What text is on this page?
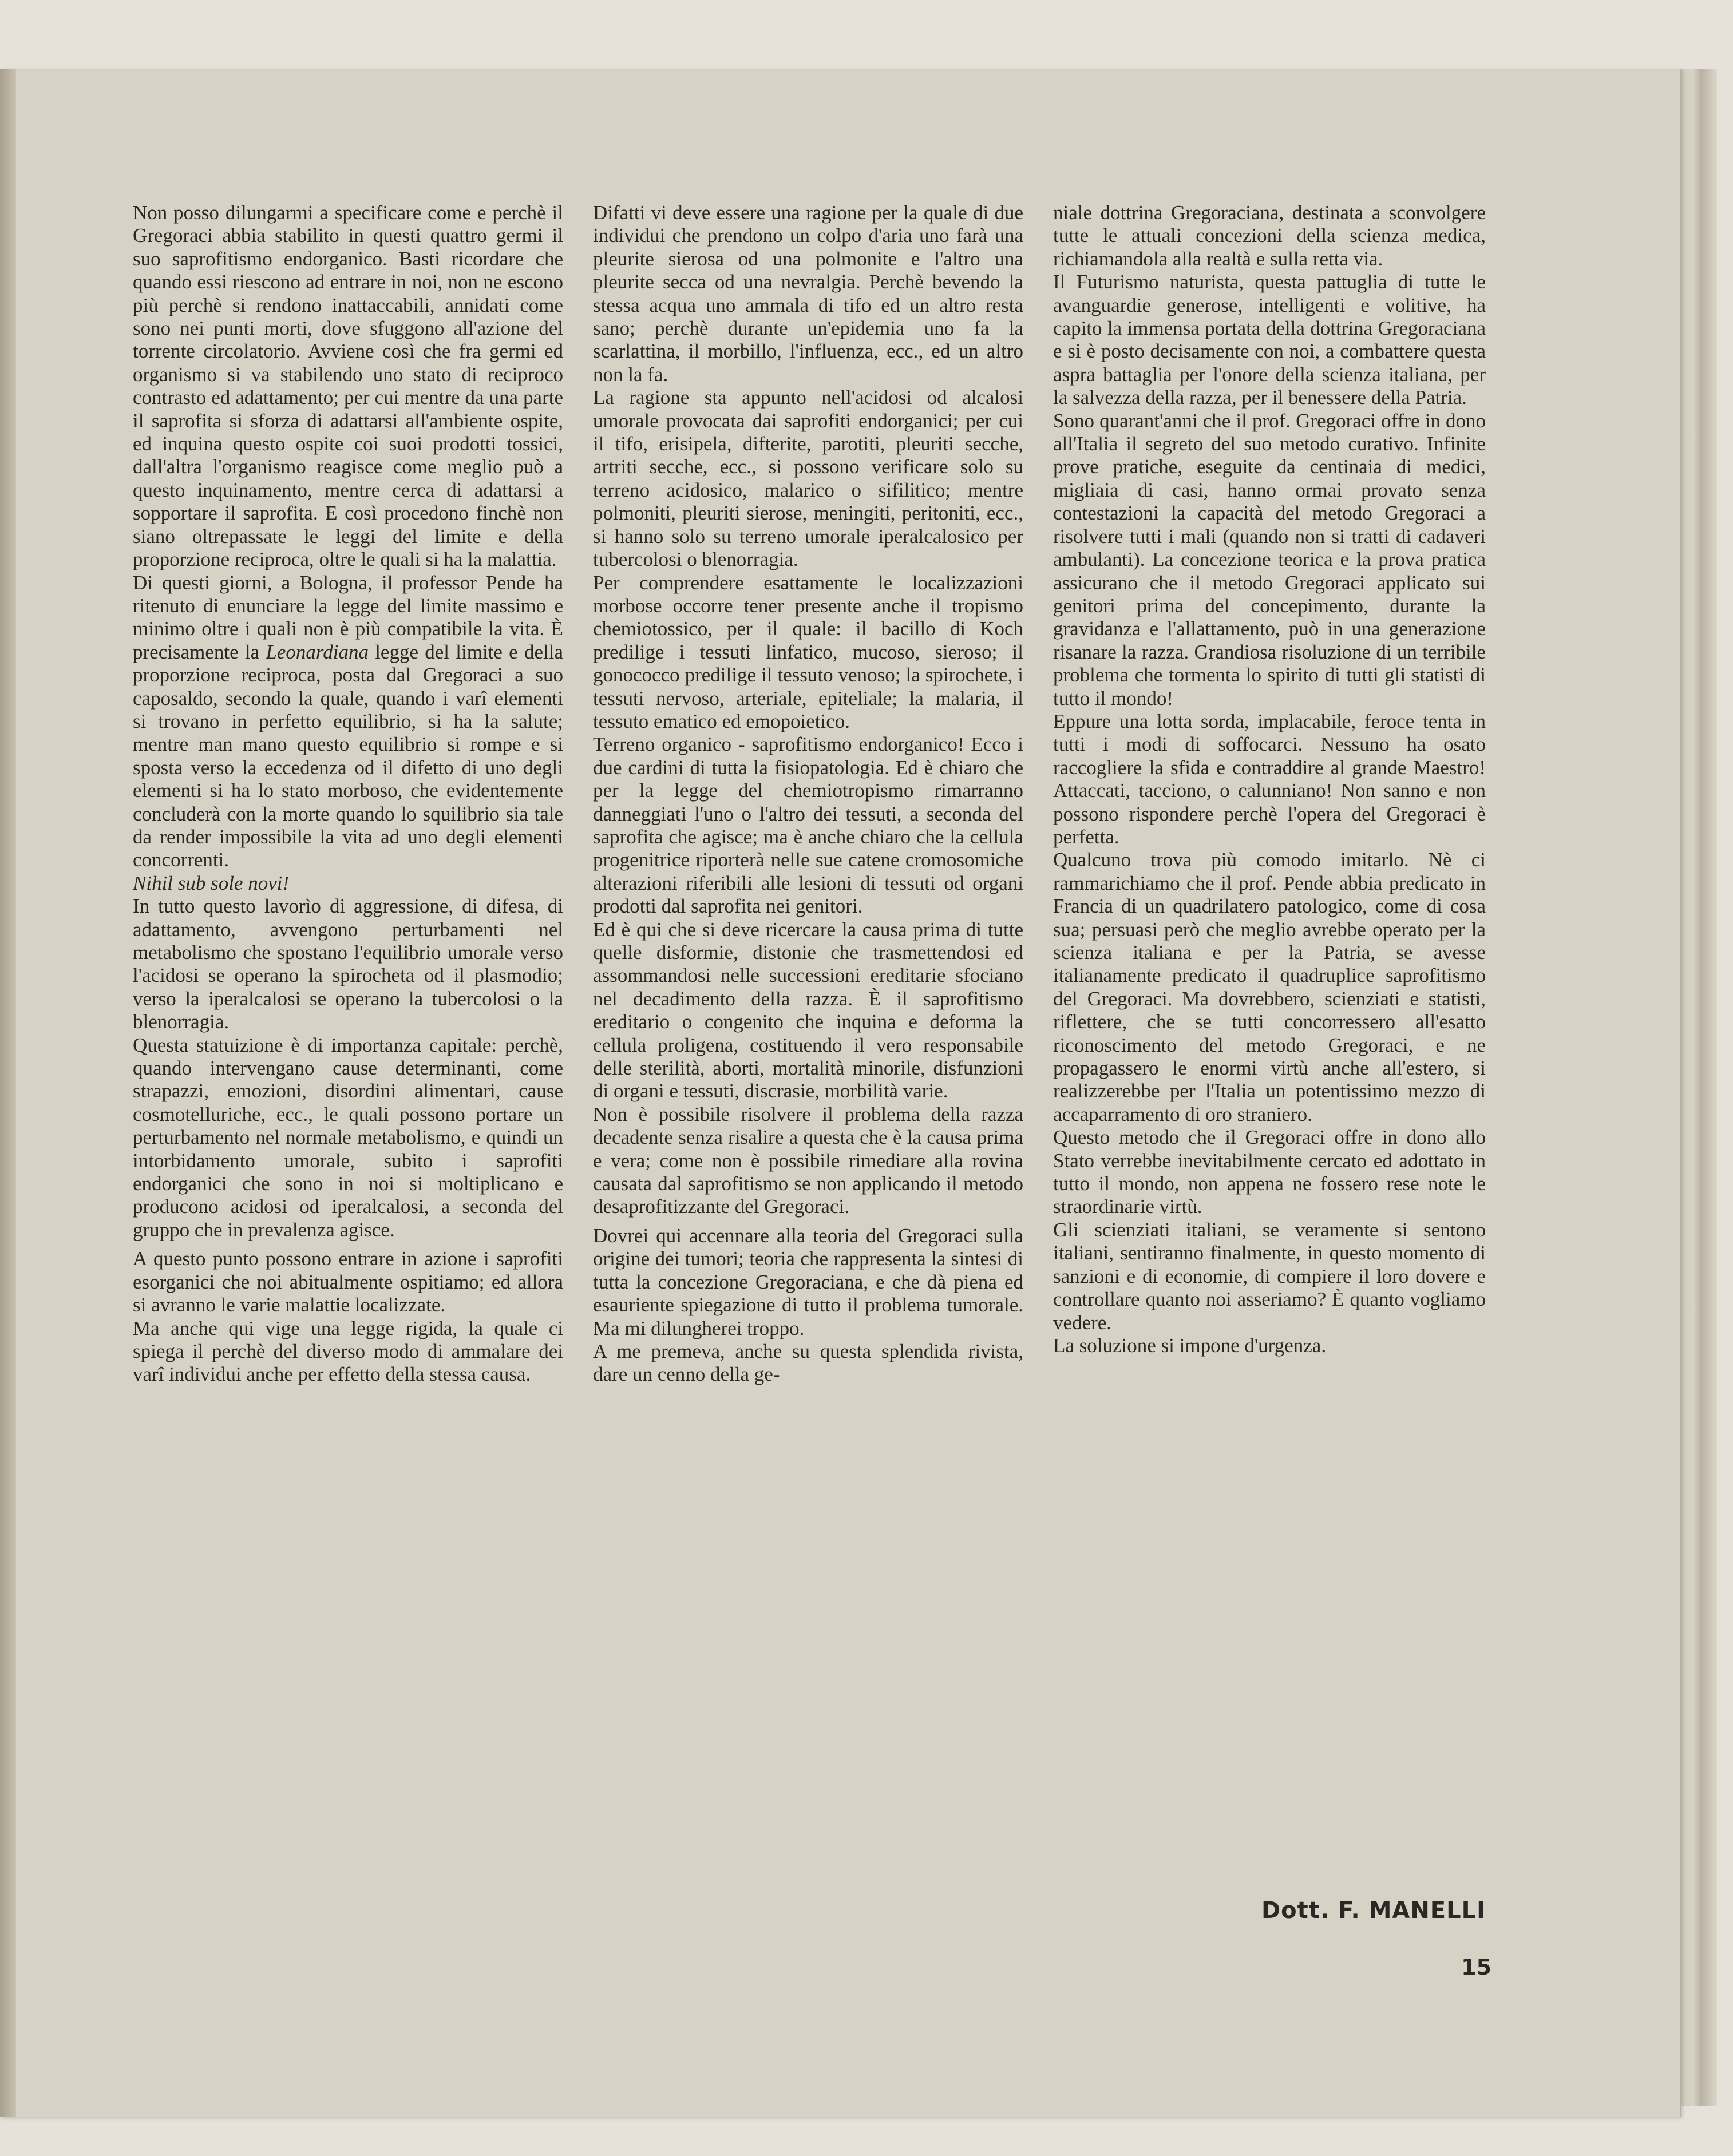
Non posso dilungarmi a specificare come e perchè il Gregoraci abbia stabilito in questi quattro germi il suo saprofitismo endorganico. Basti ricordare che quando essi riescono ad entrare in noi, non ne escono più perchè si rendono inattaccabili, annidati come sono nei punti morti, dove sfuggono all'azione del torrente circolatorio. Avviene così che fra germi ed organismo si va stabilendo uno stato di reciproco contrasto ed adattamento; per cui mentre da una parte il saprofita si sforza di adattarsi all'ambiente ospite, ed inquina questo ospite coi suoi prodotti tossici, dall'altra l'organismo reagisce come meglio può a questo inquinamento, mentre cerca di adattarsi a sopportare il saprofita. E così procedono finchè non siano oltrepassate le leggi del limite e della proporzione reciproca, oltre le quali si ha la malattia.

Di questi giorni, a Bologna, il professor Pende ha ritenuto di enunciare la legge del limite massimo e minimo oltre i quali non è più compatibile la vita. È precisamente la Leonardiana legge del limite e della proporzione reciproca, posta dal Gregoraci a suo caposaldo, secondo la quale, quando i varî elementi si trovano in perfetto equilibrio, si ha la salute; mentre man mano questo equilibrio si rompe e si sposta verso la eccedenza od il difetto di uno degli elementi si ha lo stato morboso, che evidentemente concluderà con la morte quando lo squilibrio sia tale da render impossibile la vita ad uno degli elementi concorrenti.

Nihil sub sole novi!

In tutto questo lavorìo di aggressione, di difesa, di adattamento, avvengono perturbamenti nel metabolismo che spostano l'equilibrio umorale verso l'acidosi se operano la spirocheta od il plasmodio; verso la iperalcalosi se operano la tubercolosi o la blenorragia.

Questa statuizione è di importanza capitale: perchè, quando intervengano cause determinanti, come strapazzi, emozioni, disordini alimentari, cause cosmotelluriche, ecc., le quali possono portare un perturbamento nel normale metabolismo, e quindi un intorbidamento umorale, subito i saprofiti endorganici che sono in noi si moltiplicano e producono acidosi od iperalcalosi, a seconda del gruppo che in prevalenza agisce.

A questo punto possono entrare in azione i saprofiti esorganici che noi abitualmente ospitiamo; ed allora si avranno le varie malattie localizzate.

Ma anche qui vige una legge rigida, la quale ci spiega il perchè del diverso modo di ammalare dei varî individui anche per effetto della stessa causa.

Difatti vi deve essere una ragione per la quale di due individui che prendono un colpo d'aria uno farà una pleurite sierosa od una polmonite e l'altro una pleurite secca od una nevralgia. Perchè bevendo la stessa acqua uno ammala di tifo ed un altro resta sano; perchè durante un'epidemia uno fa la scarlattina, il morbillo, l'influenza, ecc., ed un altro non la fa.

La ragione sta appunto nell'acidosi od alcalosi umorale provocata dai saprofiti endorganici; per cui il tifo, erisipela, difterite, parotiti, pleuriti secche, artriti secche, ecc., si possono verificare solo su terreno acidosico, malarico o sifilitico; mentre polmoniti, pleuriti sierose, meningiti, peritoniti, ecc., si hanno solo su terreno umorale iperalcalosico per tubercolosi o blenorragia.

Per comprendere esattamente le localizzazioni morbose occorre tener presente anche il tropismo chemiotossico, per il quale: il bacillo di Koch predilige i tessuti linfatico, mucoso, sieroso; il gonococco predilige il tessuto venoso; la spirochete, i tessuti nervoso, arteriale, epiteliale; la malaria, il tessuto ematico ed emopoietico.

Terreno organico - saprofitismo endorganico! Ecco i due cardini di tutta la fisiopatologia. Ed è chiaro che per la legge del chemiotropismo rimarranno danneggiati l'uno o l'altro dei tessuti, a seconda del saprofita che agisce; ma è anche chiaro che la cellula progenitrice riporterà nelle sue catene cromosomiche alterazioni riferibili alle lesioni di tessuti od organi prodotti dal saprofita nei genitori.

Ed è qui che si deve ricercare la causa prima di tutte quelle disformie, distonie che trasmettendosi ed assommandosi nelle successioni ereditarie sfociano nel decadimento della razza. È il saprofitismo ereditario o congenito che inquina e deforma la cellula proligena, costituendo il vero responsabile delle sterilità, aborti, mortalità minorile, disfunzioni di organi e tessuti, discrasie, morbilità varie.

Non è possibile risolvere il problema della razza decadente senza risalire a questa che è la causa prima e vera; come non è possibile rimediare alla rovina causata dal saprofitismo se non applicando il metodo desaprofitizzante del Gregoraci.

Dovrei qui accennare alla teoria del Gregoraci sulla origine dei tumori; teoria che rappresenta la sintesi di tutta la concezione Gregoraciana, e che dà piena ed esauriente spiegazione di tutto il problema tumorale. Ma mi dilungherei troppo.

A me premeva, anche su questa splendida rivista, dare un cenno della ge-

niale dottrina Gregoraciana, destinata a sconvolgere tutte le attuali concezioni della scienza medica, richiamandola alla realtà e sulla retta via.

Il Futurismo naturista, questa pattuglia di tutte le avanguardie generose, intelligenti e volitive, ha capito la immensa portata della dottrina Gregoraciana e si è posto decisamente con noi, a combattere questa aspra battaglia per l'onore della scienza italiana, per la salvezza della razza, per il benessere della Patria.

Sono quarant'anni che il prof. Gregoraci offre in dono all'Italia il segreto del suo metodo curativo. Infinite prove pratiche, eseguite da centinaia di medici, migliaia di casi, hanno ormai provato senza contestazioni la capacità del metodo Gregoraci a risolvere tutti i mali (quando non si tratti di cadaveri ambulanti). La concezione teorica e la prova pratica assicurano che il metodo Gregoraci applicato sui genitori prima del concepimento, durante la gravidanza e l'allattamento, può in una generazione risanare la razza. Grandiosa risoluzione di un terribile problema che tormenta lo spirito di tutti gli statisti di tutto il mondo!

Eppure una lotta sorda, implacabile, feroce tenta in tutti i modi di soffocarci. Nessuno ha osato raccogliere la sfida e contraddire al grande Maestro! Attaccati, tacciono, o calunniano! Non sanno e non possono rispondere perchè l'opera del Gregoraci è perfetta.

Qualcuno trova più comodo imitarlo. Nè ci rammarichiamo che il prof. Pende abbia predicato in Francia di un quadrilatero patologico, come di cosa sua; persuasi però che meglio avrebbe operato per la scienza italiana e per la Patria, se avesse italianamente predicato il quadruplice saprofitismo del Gregoraci. Ma dovrebbero, scienziati e statisti, riflettere, che se tutti concorressero all'esatto riconoscimento del metodo Gregoraci, e ne propagassero le enormi virtù anche all'estero, si realizzerebbe per l'Italia un potentissimo mezzo di accaparramento di oro straniero.

Questo metodo che il Gregoraci offre in dono allo Stato verrebbe inevitabilmente cercato ed adottato in tutto il mondo, non appena ne fossero rese note le straordinarie virtù.

Gli scienziati italiani, se veramente si sentono italiani, sentiranno finalmente, in questo momento di sanzioni e di economie, di compiere il loro dovere e controllare quanto noi asseriamo? È quanto vogliamo vedere.

La soluzione si impone d'urgenza.

Dott. F. MANELLI
15
